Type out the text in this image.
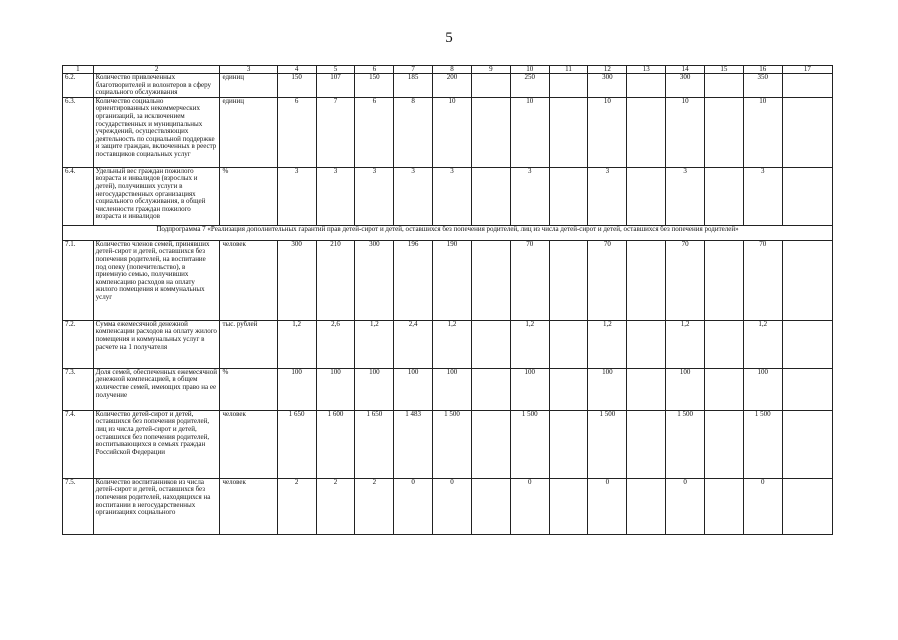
5
1	2	3	4	5	6	7	8	9	10	11	12	13	14	15	16	17
6.2.	Количество привлеченных благотворителей и волонтеров в сферу социального обслуживания	единиц	150	107	150	185	200		250		300		300		350	
6.3.	Количество социально ориентированных некоммерческих организаций, за исключением государственных и муниципальных учреждений, осуществляющих деятельность по социальной поддержке и защите граждан, включенных в реестр поставщиков социальных услуг	единиц	6	7	6	8	10		10		10		10		10	
6.4.	Удельный вес граждан пожилого возраста и инвалидов (взрослых и детей), получивших услуги в негосударственных организациях социального обслуживания, в общей численности граждан пожилого возраста и инвалидов	%	3	3	3	3	3		3		3		3		3	
Подпрограмма 7 «Реализация дополнительных гарантий прав детей-сирот и детей, оставшихся без попечения родителей, лиц из числа детей-сирот и детей, оставшихся без попечения родителей»																
7.1.	Количество членов семей, принявших детей-сирот и детей, оставшихся без попечения родителей, на воспитание под опеку (попечительство), в приемную семью, получивших компенсацию расходов на оплату жилого помещения и коммунальных услуг	человек	300	210	300	196	190		70		70		70		70	
7.2.	Сумма ежемесячной денежной компенсации расходов на оплату жилого помещения и коммунальных услуг в расчете на 1 получателя	тыс. рублей	1,2	2,6	1,2	2,4	1,2		1,2		1,2		1,2		1,2	
7.3.	Доля семей, обеспеченных ежемесячной денежной компенсацией, в общем количестве семей, имеющих право на ее получение	%	100	100	100	100	100		100		100		100		100	
7.4.	Количество детей-сирот и детей, оставшихся без попечения родителей, лиц из числа детей-сирот и детей, оставшихся без попечения родителей, воспитывающихся в семьях граждан Российской Федерации	человек	1 650	1 600	1 650	1 483	1 500		1 500		1 500		1 500		1 500	
7.5.	Количество воспитанников из числа детей-сирот и детей, оставшихся без попечения родителей, находящихся на воспитании в негосударственных организациях социального	человек	2	2	2	0	0		0		0		0		0	
